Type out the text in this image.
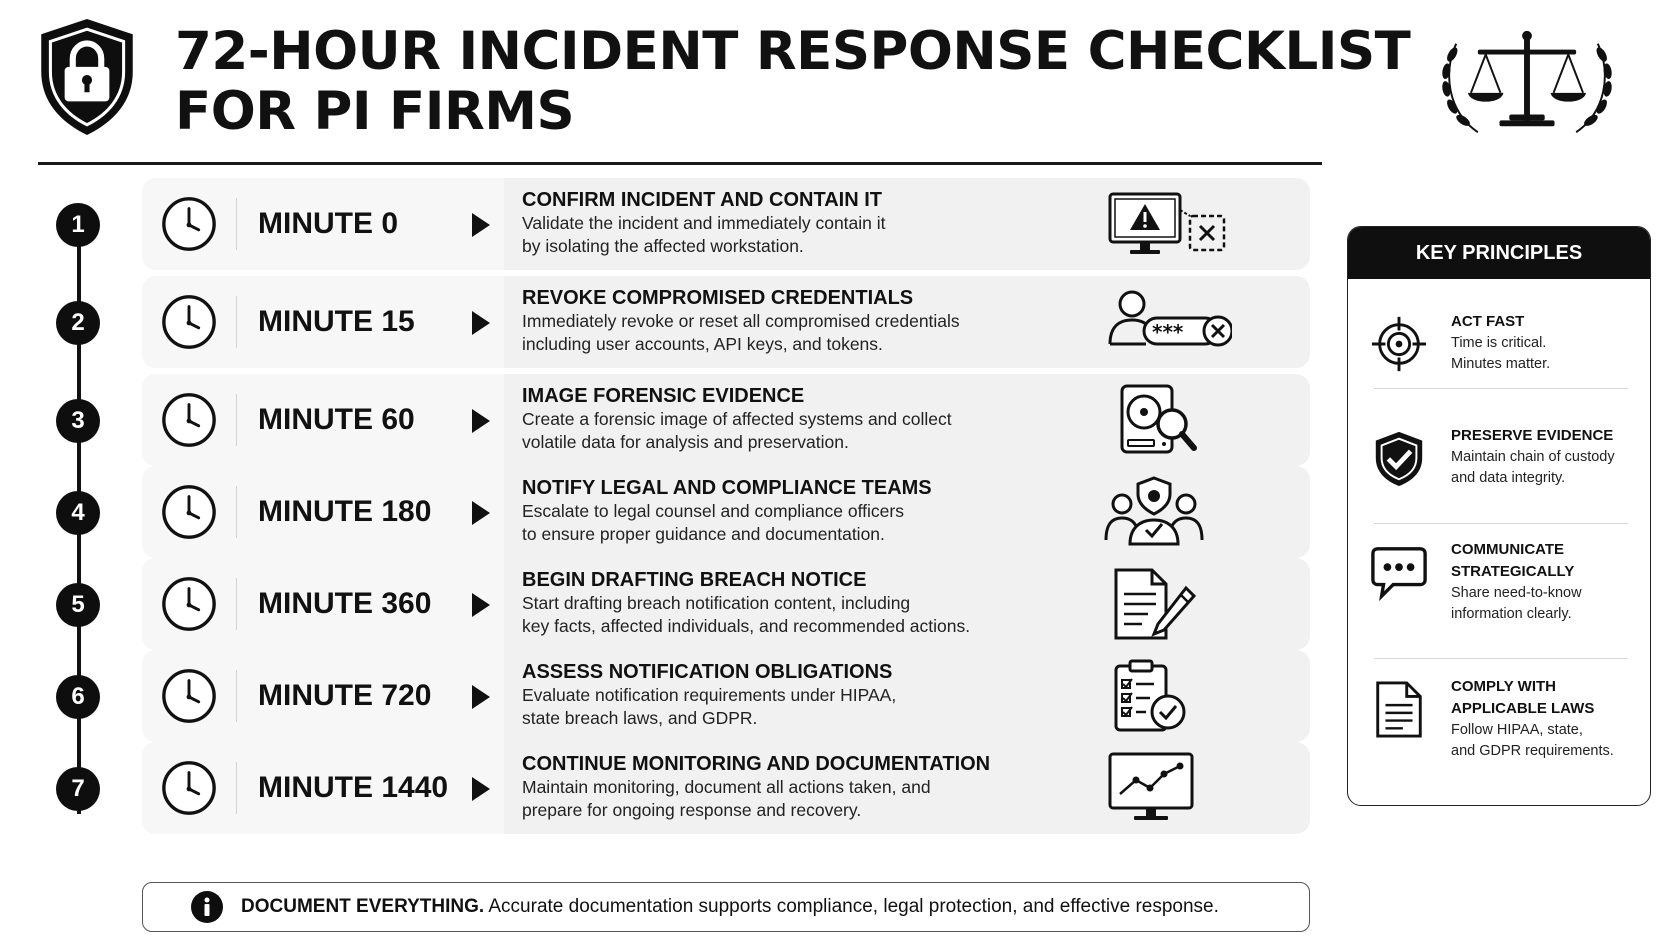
72-HOUR INCIDENT RESPONSE CHECKLIST
FOR PI FIRMS
1	MINUTE 0
CONFIRM INCIDENT AND CONTAIN IT
Validate the incident and immediately contain it
by isolating the affected workstation.
2	MINUTE 15
REVOKE COMPROMISED CREDENTIALS
Immediately revoke or reset all compromised credentials
including user accounts, API keys, and tokens.	***
3	MINUTE 60
IMAGE FORENSIC EVIDENCE
Create a forensic image of affected systems and collect
volatile data for analysis and preservation.
4	MINUTE 180
NOTIFY LEGAL AND COMPLIANCE TEAMS
Escalate to legal counsel and compliance officers
to ensure proper guidance and documentation.
5	MINUTE 360
BEGIN DRAFTING BREACH NOTICE
Start drafting breach notification content, including
key facts, affected individuals, and recommended actions.
6	MINUTE 720
ASSESS NOTIFICATION OBLIGATIONS
Evaluate notification requirements under HIPAA,
state breach laws, and GDPR.
7	MINUTE 1440
CONTINUE MONITORING AND DOCUMENTATION
Maintain monitoring, document all actions taken, and
prepare for ongoing response and recovery.
DOCUMENT EVERYTHING. Accurate documentation supports compliance, legal protection, and effective response.
KEY PRINCIPLES
ACT FAST
Time is critical.
Minutes matter.
PRESERVE EVIDENCE
Maintain chain of custody
and data integrity.
COMMUNICATE
STRATEGICALLY
Share need-to-know
information clearly.
COMPLY WITH
APPLICABLE LAWS
Follow HIPAA, state,
and GDPR requirements.
